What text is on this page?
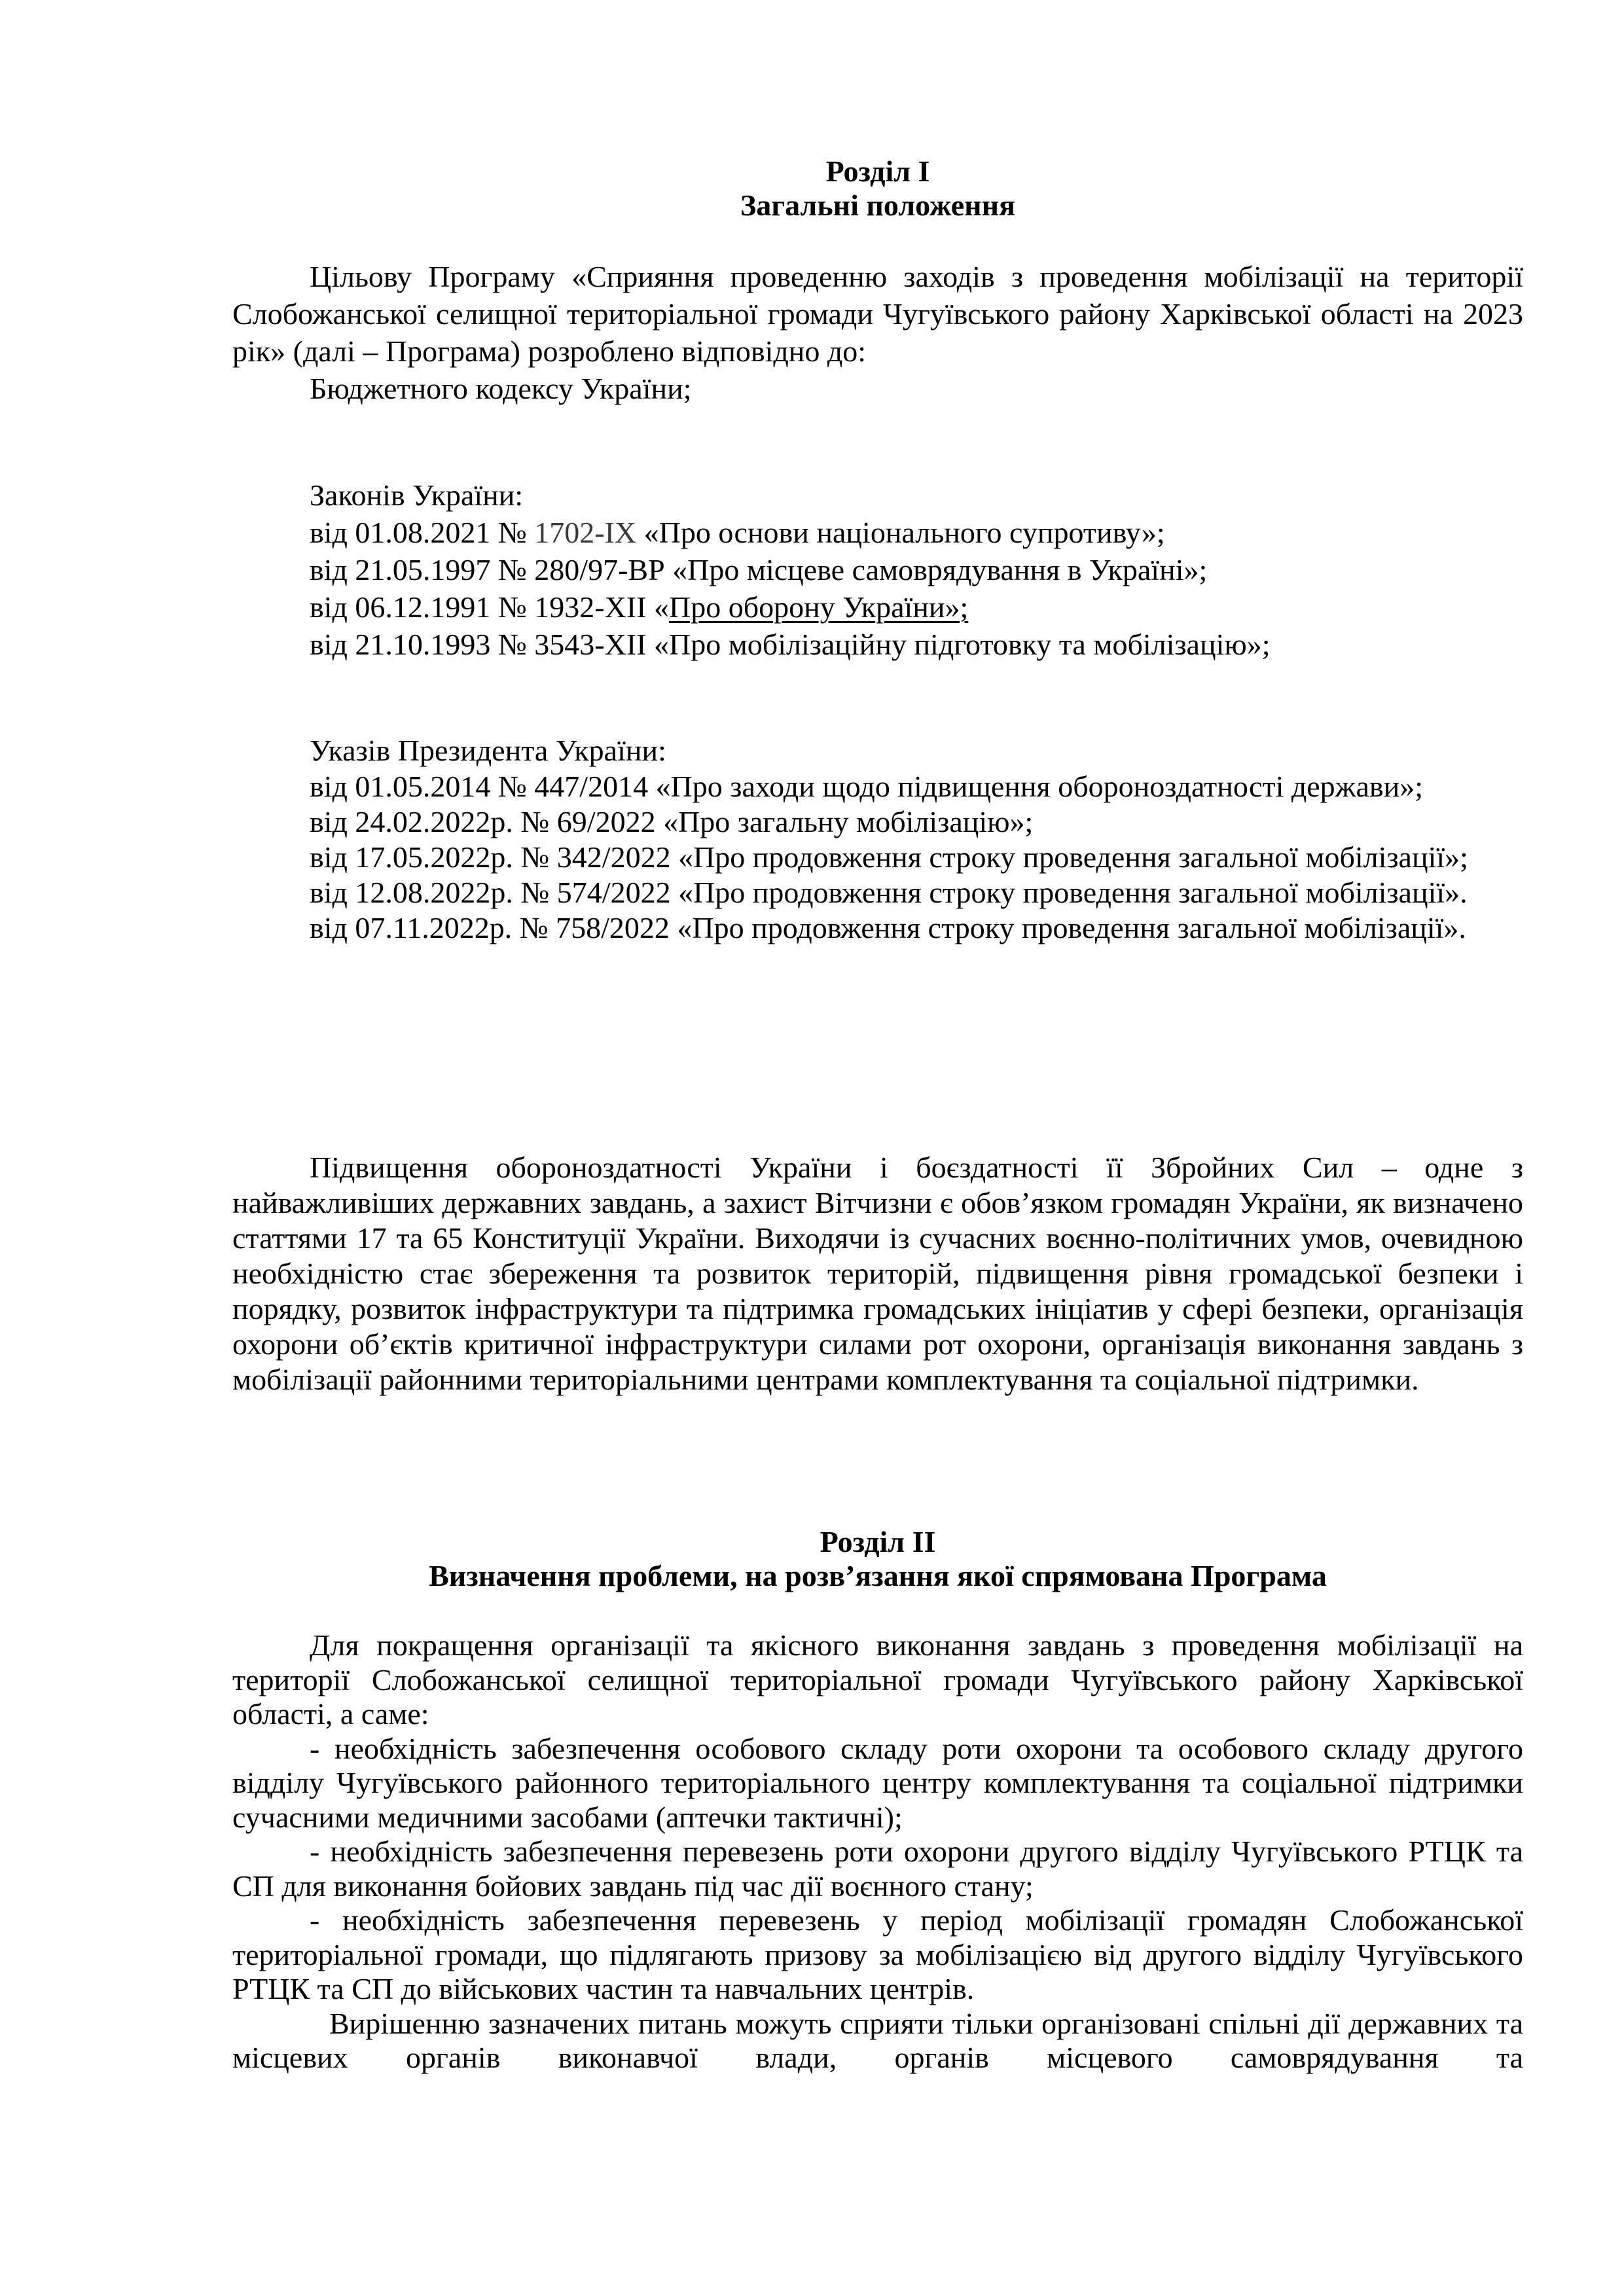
Розділ I

Загальні положення

Цільову Програму «Сприяння проведенню заходів з проведення мобілізації на території Слобожанської селищної територіальної громади Чугуївського району Харківської області на 2023 рік» (далі – Програма) розроблено відповідно до:

Бюджетного кодексу України;

Законів України:

від 01.08.2021 № 1702-IX «Про основи національного супротиву»;

від 21.05.1997 № 280/97-ВР «Про місцеве самоврядування в Україні»;

від 06.12.1991 № 1932-XII «Про оборону України»;

від 21.10.1993 № 3543-XII «Про мобілізаційну підготовку та мобілізацію»;

Указів Президента України:

від 01.05.2014 № 447/2014 «Про заходи щодо підвищення обороноздатності держави»;

від 24.02.2022р. № 69/2022 «Про загальну мобілізацію»;

від 17.05.2022р. № 342/2022 «Про продовження строку проведення загальної мобілізації»;

від 12.08.2022р. № 574/2022 «Про продовження строку проведення загальної мобілізації».

від 07.11.2022р. № 758/2022 «Про продовження строку проведення загальної мобілізації».

Підвищення обороноздатності України і боєздатності її Збройних Сил – одне з найважливіших державних завдань, а захист Вітчизни є обов’язком громадян України, як визначено статтями 17 та 65 Конституції України. Виходячи із сучасних воєнно-політичних умов, очевидною необхідністю стає збереження та розвиток територій, підвищення рівня громадської безпеки і порядку, розвиток інфраструктури та підтримка громадських ініціатив у сфері безпеки, організація охорони об’єктів критичної інфраструктури силами рот охорони, організація виконання завдань з мобілізації районними територіальними центрами комплектування та соціальної підтримки.

Розділ II

Визначення проблеми, на розв’язання якої спрямована Програма

Для покращення організації та якісного виконання завдань з проведення мобілізації на території Слобожанської селищної територіальної громади Чугуївського району Харківської області, а саме:

- необхідність забезпечення особового складу роти охорони та особового складу другого відділу Чугуївського районного територіального центру комплектування та соціальної підтримки сучасними медичними засобами (аптечки тактичні);

- необхідність забезпечення перевезень роти охорони другого відділу Чугуївського РТЦК та СП для виконання бойових завдань під час дії воєнного стану;

- необхідність забезпечення перевезень у період мобілізації громадян Слобожанської територіальної громади, що підлягають призову за мобілізацією від другого відділу Чугуївського РТЦК та СП до військових частин та навчальних центрів.

Вирішенню зазначених питань можуть сприяти тільки організовані спільні дії державних та місцевих органів виконавчої влади, органів місцевого самоврядування та
